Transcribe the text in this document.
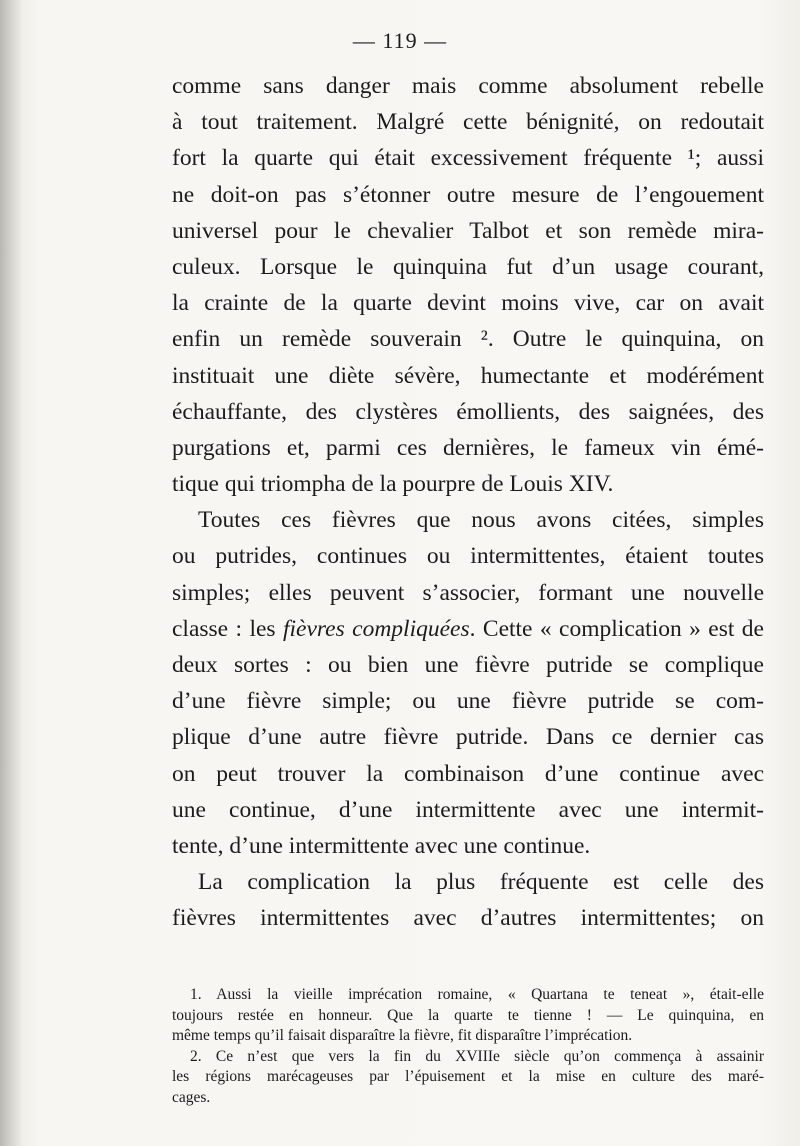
— 119 —
comme sans danger mais comme absolument rebelle
à tout traitement. Malgré cette bénignité, on redoutait
fort la quarte qui était excessivement fréquente ¹; aussi
ne doit-on pas s’étonner outre mesure de l’engouement
universel pour le chevalier Talbot et son remède mira-
culeux. Lorsque le quinquina fut d’un usage courant,
la crainte de la quarte devint moins vive, car on avait
enfin un remède souverain ². Outre le quinquina, on
instituait une diète sévère, humectante et modérément
échauffante, des clystères émollients, des saignées, des
purgations et, parmi ces dernières, le fameux vin émé-
tique qui triompha de la pourpre de Louis XIV.
Toutes ces fièvres que nous avons citées, simples
ou putrides, continues ou intermittentes, étaient toutes
simples; elles peuvent s’associer, formant une nouvelle
classe : les fièvres compliquées. Cette « complication » est de
deux sortes : ou bien une fièvre putride se complique
d’une fièvre simple; ou une fièvre putride se com-
plique d’une autre fièvre putride. Dans ce dernier cas
on peut trouver la combinaison d’une continue avec
une continue, d’une intermittente avec une intermit-
tente, d’une intermittente avec une continue.
La complication la plus fréquente est celle des
fièvres intermittentes avec d’autres intermittentes; on
1. Aussi la vieille imprécation romaine, « Quartana te teneat », était-elle
toujours restée en honneur. Que la quarte te tienne ! — Le quinquina, en
même temps qu’il faisait disparaître la fièvre, fit disparaître l’imprécation.
2. Ce n’est que vers la fin du XVIIIe siècle qu’on commença à assainir
les régions marécageuses par l’épuisement et la mise en culture des maré-
cages.
